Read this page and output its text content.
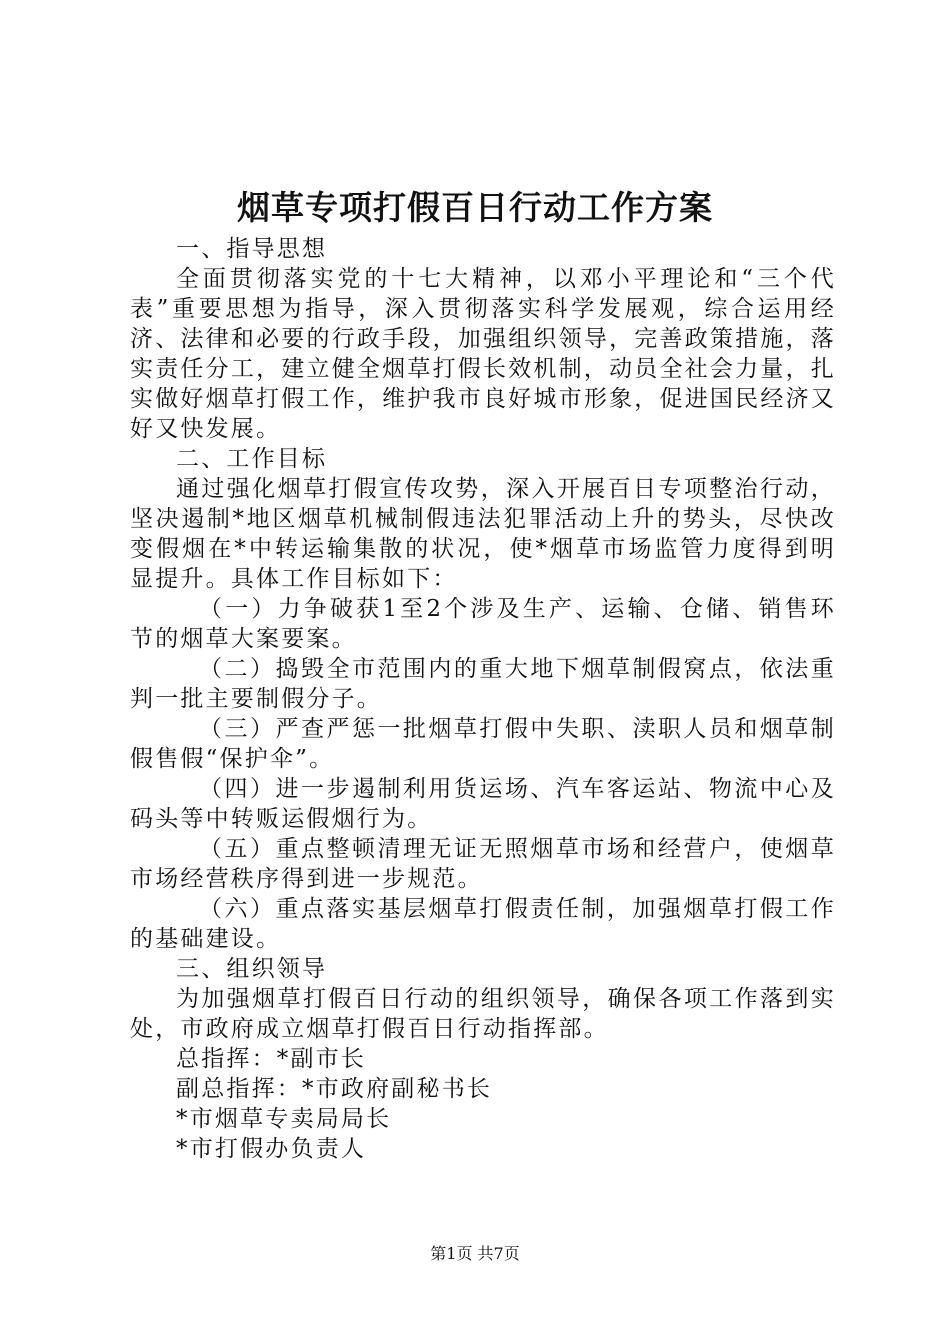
烟草专项打假百日行动工作方案

一、指导思想

全面贯彻落实党的十七大精神，以邓小平理论和“三个代表”重要思想为指导，深入贯彻落实科学发展观，综合运用经济、法律和必要的行政手段，加强组织领导，完善政策措施，落实责任分工，建立健全烟草打假长效机制，动员全社会力量，扎实做好烟草打假工作，维护我市良好城市形象，促进国民经济又好又快发展。

二、工作目标

通过强化烟草打假宣传攻势，深入开展百日专项整治行动，坚决遏制*地区烟草机械制假违法犯罪活动上升的势头，尽快改变假烟在*中转运输集散的状况，使*烟草市场监管力度得到明显提升。具体工作目标如下：

（一）力争破获1至2个涉及生产、运输、仓储、销售环节的烟草大案要案。

（二）捣毁全市范围内的重大地下烟草制假窝点，依法重判一批主要制假分子。

（三）严查严惩一批烟草打假中失职、渎职人员和烟草制假售假“保护伞”。

（四）进一步遏制利用货运场、汽车客运站、物流中心及码头等中转贩运假烟行为。

（五）重点整顿清理无证无照烟草市场和经营户，使烟草市场经营秩序得到进一步规范。

（六）重点落实基层烟草打假责任制，加强烟草打假工作的基础建设。

三、组织领导

为加强烟草打假百日行动的组织领导，确保各项工作落到实处，市政府成立烟草打假百日行动指挥部。

总指挥：*副市长

副总指挥：*市政府副秘书长

*市烟草专卖局局长

*市打假办负责人

第1页 共7页
